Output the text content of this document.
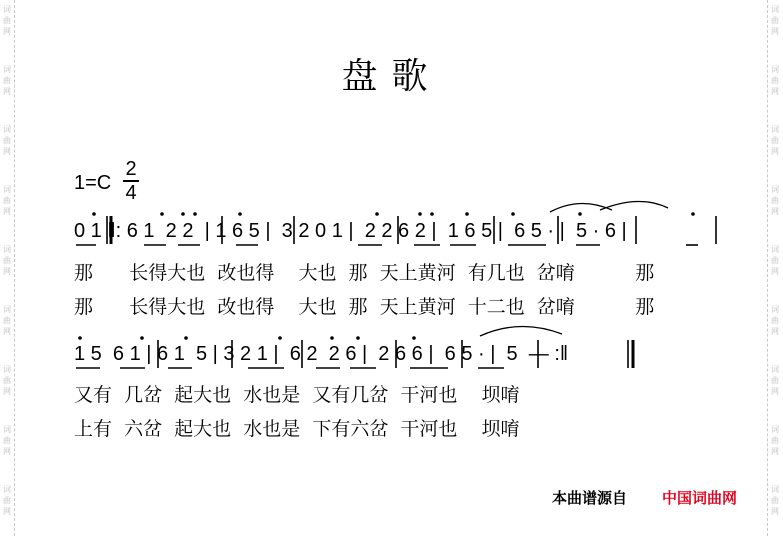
词
曲
网
词
曲
网
词
曲
网
词
曲
网
词
曲
网
词
曲
网
词
曲
网
词
曲
网
词
曲
网
词
曲
网
词
曲
网
词
曲
网
词
曲
网
词
曲
网
词
曲
网
词
曲
网
词
曲
网
词
曲
网
盘歌
1=C
2
4
0 1 ‖: 6 1  2 2  | 1 6 5 |  3 2 0 1 |  2 2 6 2 |  1 6 5 |  6 5 · |  5 · 6 |
那      长得大也  改也得    大也  那  天上黄河  有几也  岔唷          那
那      长得大也  改也得    大也  那  天上黄河  十二也  岔唷          那
1 5  6 1 | 6 1  5 | 3 2 1 |  6 2  2 6 |  2 6 6 |  6 5 · |  5  — :‖
又有  几岔  起大也  水也是  又有几岔  干河也    坝唷
上有  六岔  起大也  水也是  下有六岔  干河也    坝唷
本曲谱源自 中国词曲网
